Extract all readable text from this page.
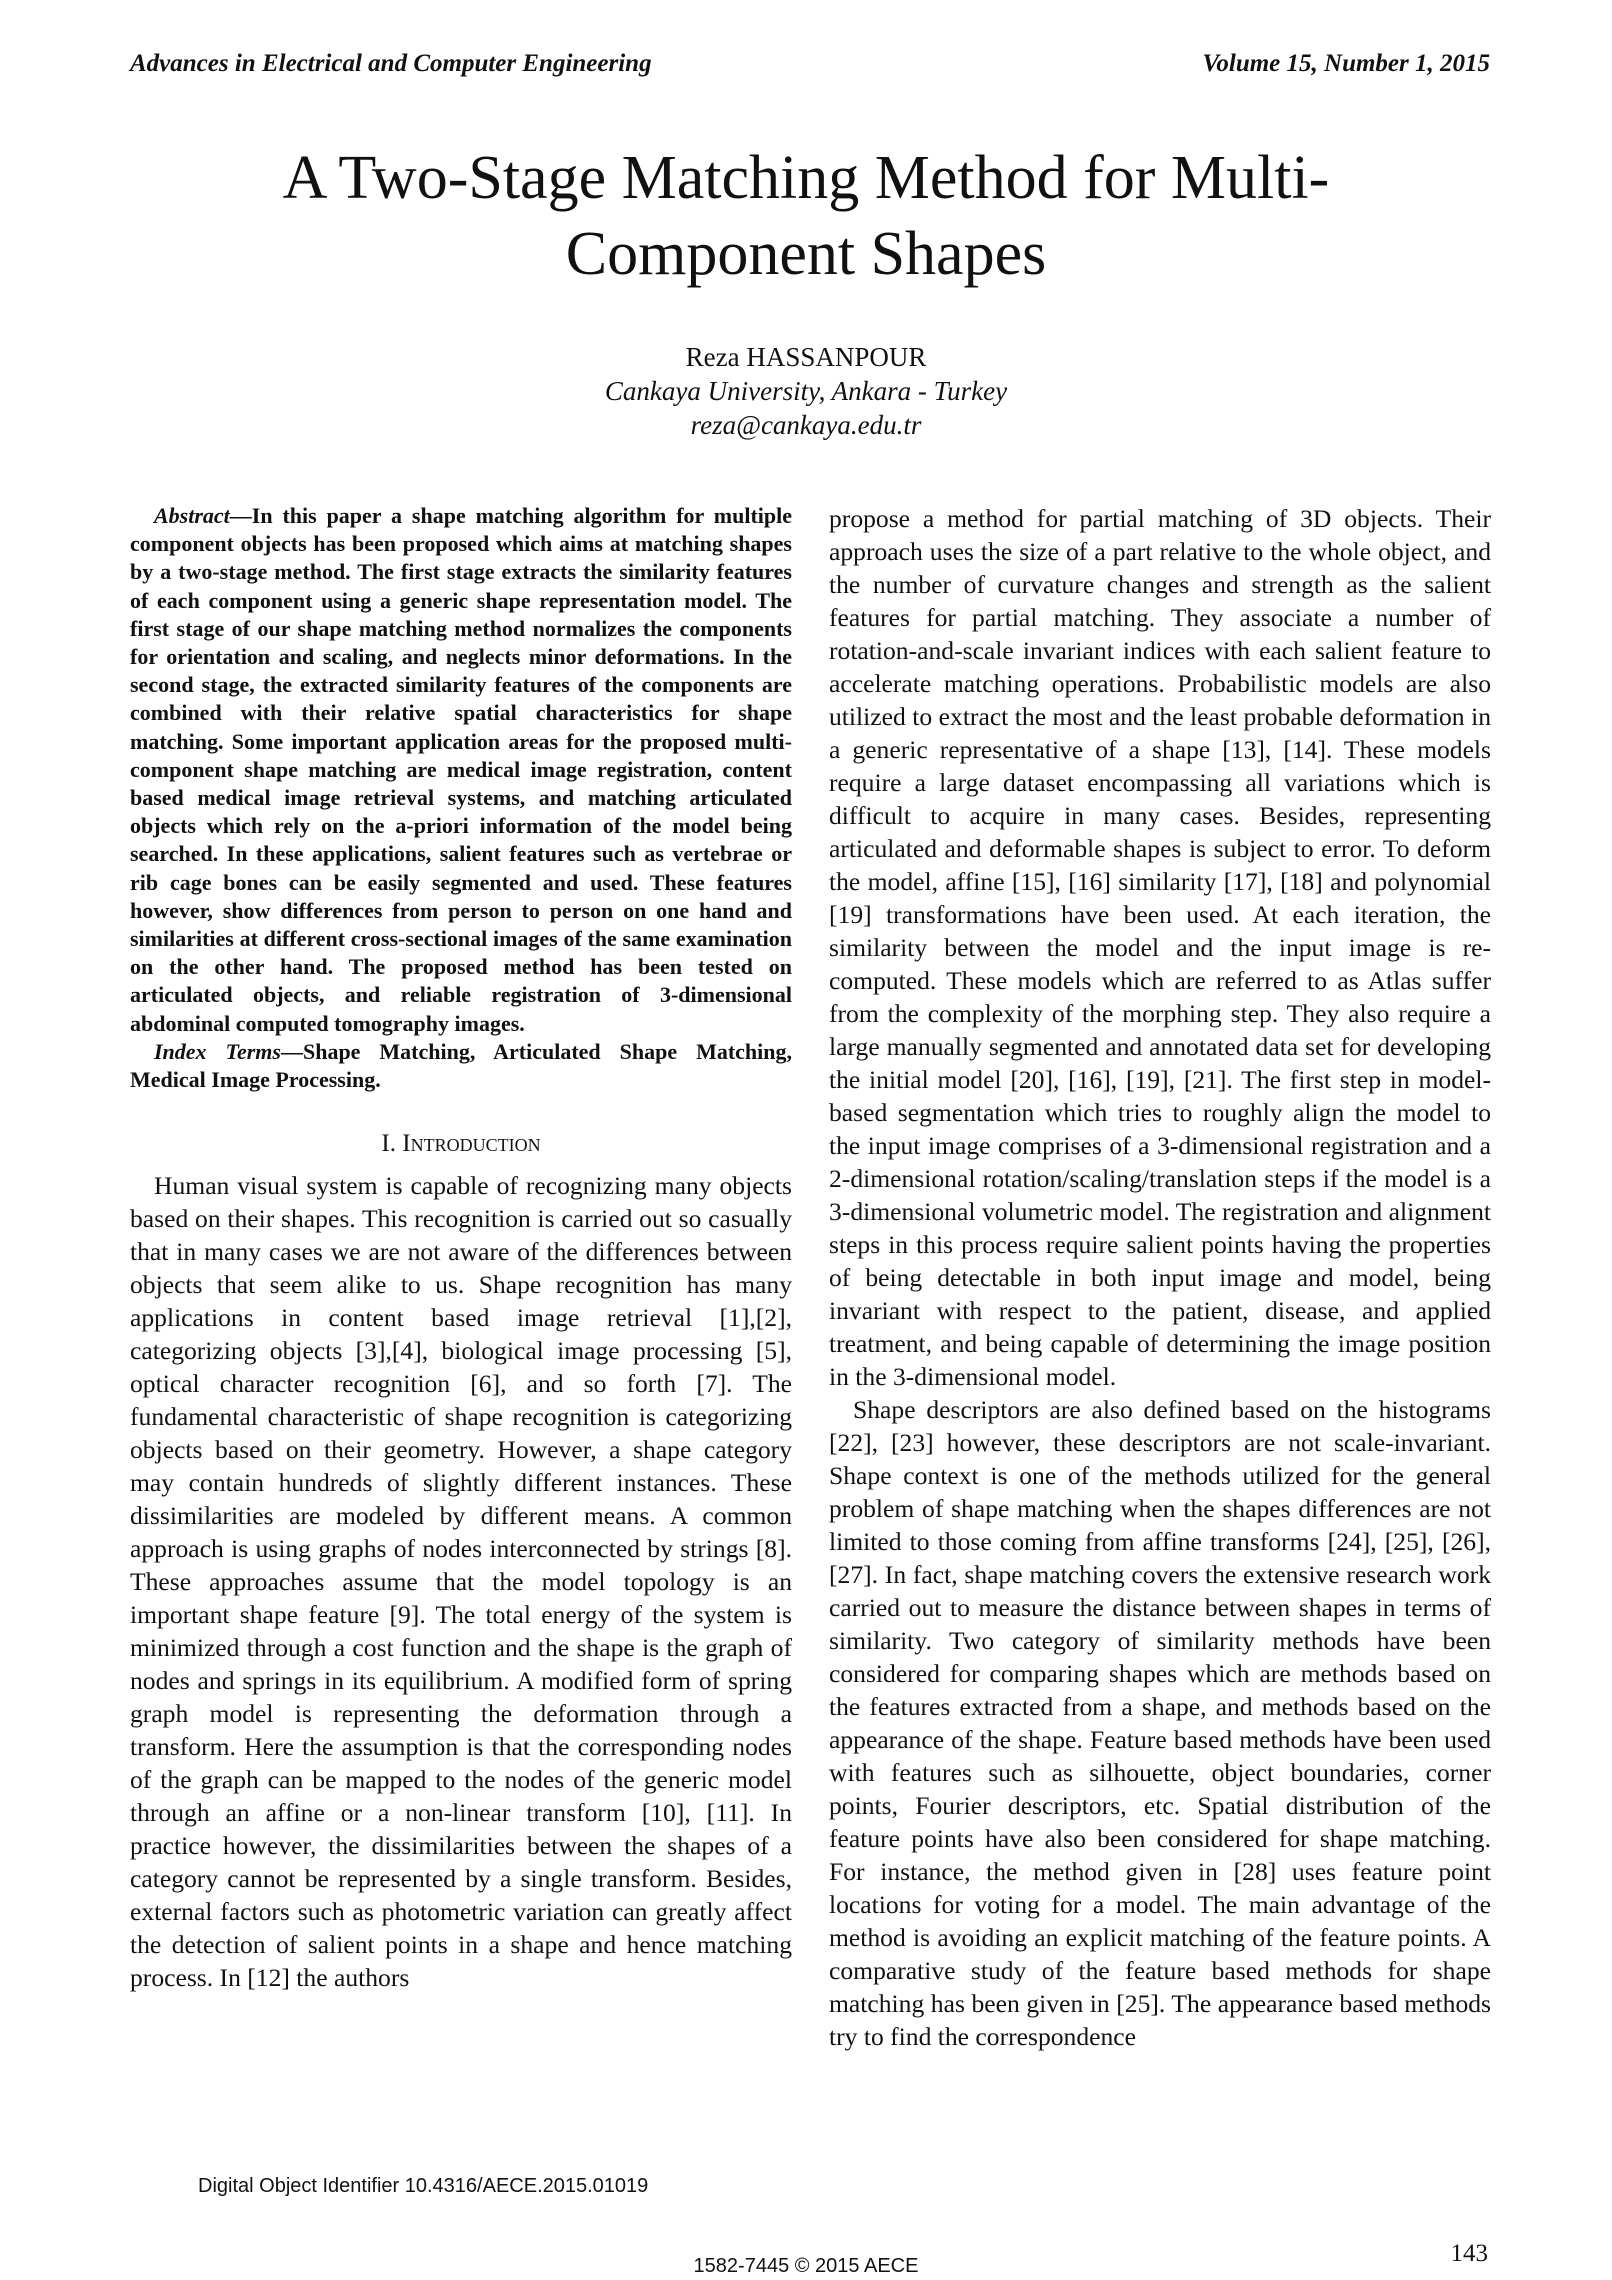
Advances in Electrical and Computer Engineering	Volume 15, Number 1, 2015
A Two-Stage Matching Method for Multi-Component Shapes
Reza HASSANPOUR
Cankaya University, Ankara - Turkey
reza@cankaya.edu.tr

Abstract—In this paper a shape matching algorithm for multiple component objects has been proposed which aims at matching shapes by a two-stage method. The first stage extracts the similarity features of each component using a generic shape representation model. The first stage of our shape matching method normalizes the components for orientation and scaling, and neglects minor deformations. In the second stage, the extracted similarity features of the components are combined with their relative spatial characteristics for shape matching. Some important application areas for the proposed multi-component shape matching are medical image registration, content based medical image retrieval systems, and matching articulated objects which rely on the a-priori information of the model being searched. In these applications, salient features such as vertebrae or rib cage bones can be easily segmented and used. These features however, show differences from person to person on one hand and similarities at different cross-sectional images of the same examination on the other hand. The proposed method has been tested on articulated objects, and reliable registration of 3-dimensional abdominal computed tomography images.

Index Terms—Shape Matching, Articulated Shape Matching, Medical Image Processing.

I. Introduction

Human visual system is capable of recognizing many objects based on their shapes. This recognition is carried out so casually that in many cases we are not aware of the differences between objects that seem alike to us. Shape recognition has many applications in content based image retrieval [1],[2], categorizing objects [3],[4], biological image processing [5], optical character recognition [6], and so forth [7]. The fundamental characteristic of shape recognition is categorizing objects based on their geometry. However, a shape category may contain hundreds of slightly different instances. These dissimilarities are modeled by different means. A common approach is using graphs of nodes interconnected by strings [8]. These approaches assume that the model topology is an important shape feature [9]. The total energy of the system is minimized through a cost function and the shape is the graph of nodes and springs in its equilibrium. A modified form of spring graph model is representing the deformation through a transform. Here the assumption is that the corresponding nodes of the graph can be mapped to the nodes of the generic model through an affine or a non-linear transform [10], [11]. In practice however, the dissimilarities between the shapes of a category cannot be represented by a single transform. Besides, external factors such as photometric variation can greatly affect the detection of salient points in a shape and hence matching process. In [12] the authors

propose a method for partial matching of 3D objects. Their approach uses the size of a part relative to the whole object, and the number of curvature changes and strength as the salient features for partial matching. They associate a number of rotation-and-scale invariant indices with each salient feature to accelerate matching operations. Probabilistic models are also utilized to extract the most and the least probable deformation in a generic representative of a shape [13], [14]. These models require a large dataset encompassing all variations which is difficult to acquire in many cases. Besides, representing articulated and deformable shapes is subject to error. To deform the model, affine [15], [16] similarity [17], [18] and polynomial [19] transformations have been used. At each iteration, the similarity between the model and the input image is re-computed. These models which are referred to as Atlas suffer from the complexity of the morphing step. They also require a large manually segmented and annotated data set for developing the initial model [20], [16], [19], [21]. The first step in model-based segmentation which tries to roughly align the model to the input image comprises of a 3-dimensional registration and a 2-dimensional rotation/scaling/translation steps if the model is a 3-dimensional volumetric model. The registration and alignment steps in this process require salient points having the properties of being detectable in both input image and model, being invariant with respect to the patient, disease, and applied treatment, and being capable of determining the image position in the 3-dimensional model.

Shape descriptors are also defined based on the histograms [22], [23] however, these descriptors are not scale-invariant. Shape context is one of the methods utilized for the general problem of shape matching when the shapes differences are not limited to those coming from affine transforms [24], [25], [26], [27]. In fact, shape matching covers the extensive research work carried out to measure the distance between shapes in terms of similarity. Two category of similarity methods have been considered for comparing shapes which are methods based on the features extracted from a shape, and methods based on the appearance of the shape. Feature based methods have been used with features such as silhouette, object boundaries, corner points, Fourier descriptors, etc. Spatial distribution of the feature points have also been considered for shape matching. For instance, the method given in [28] uses feature point locations for voting for a model. The main advantage of the method is avoiding an explicit matching of the feature points. A comparative study of the feature based methods for shape matching has been given in [25]. The appearance based methods try to find the correspondence

Digital Object Identifier 10.4316/AECE.2015.01019
143
1582-7445 © 2015 AECE
